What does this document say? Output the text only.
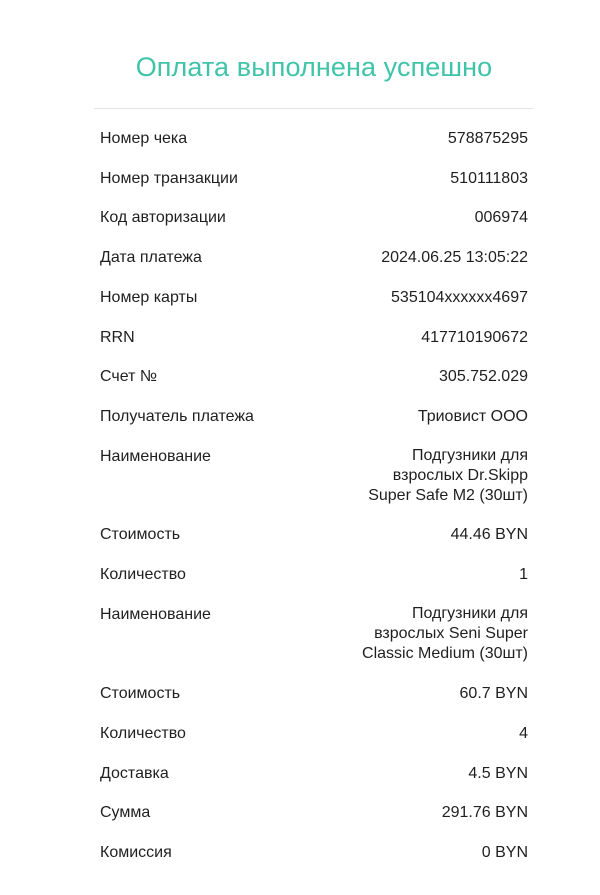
Оплата выполнена успешно
Номер чека	578875295
Номер транзакции	510111803
Код авторизации	006974
Дата платежа	2024.06.25 13:05:22
Номер карты	535104xxxxxx4697
RRN	417710190672
Счет №	305.752.029
Получатель платежа	Триовист ООО
Наименование	Подгузники для
взрослых Dr.Skipp
Super Safe M2 (30шт)
Стоимость	44.46 BYN
Количество	1
Наименование	Подгузники для
взрослых Seni Super
Classic Medium (30шт)
Стоимость	60.7 BYN
Количество	4
Доставка	4.5 BYN
Сумма	291.76 BYN
Комиссия	0 BYN
